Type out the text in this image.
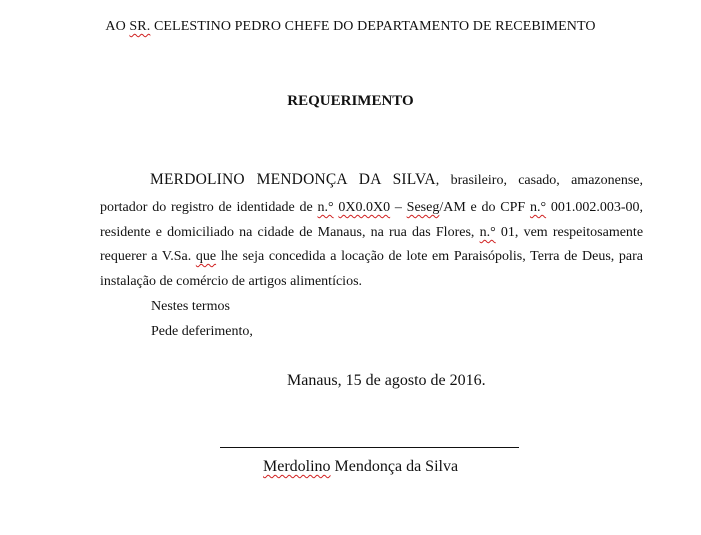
AO SR. CELESTINO PEDRO CHEFE DO DEPARTAMENTO DE RECEBIMENTO
REQUERIMENTO
MERDOLINO MENDONÇA DA SILVA, brasileiro, casado, amazonense,
portador do registro de identidade de n.° 0X0.0X0 – Seseg/AM e do CPF n.° 001.002.003-00,
residente e domiciliado na cidade de Manaus, na rua das Flores, n.° 01, vem respeitosamente
requerer a V.Sa. que lhe seja concedida a locação de lote em Paraisópolis, Terra de Deus, para
instalação de comércio de artigos alimentícios.
Nestes termos
Pede deferimento,
Manaus, 15 de agosto de 2016.
Merdolino Mendonça da Silva
